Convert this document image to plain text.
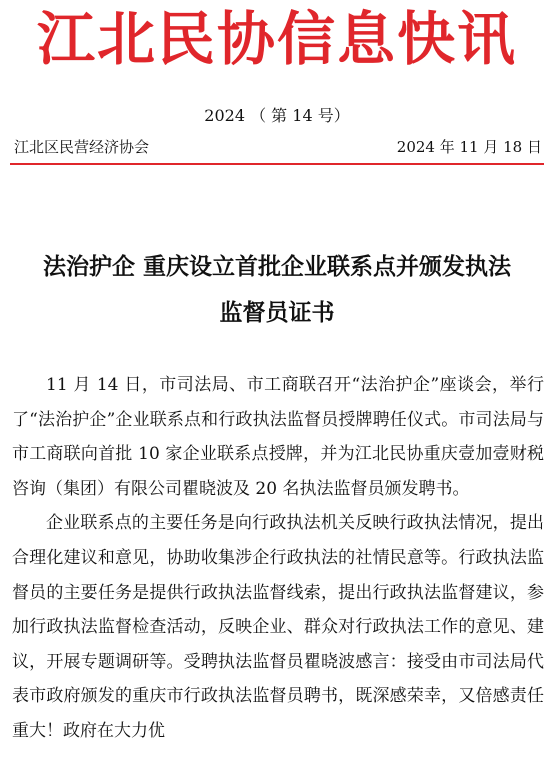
江北民协信息快讯
2024 （ 第 14 号）
江北区民营经济协会	2024 年 11 月 18 日
法治护企 重庆设立首批企业联系点并颁发执法
监督员证书

11 月 14 日，市司法局、市工商联召开“法治护企”座谈会，举行了“法治护企”企业联系点和行政执法监督员授牌聘任仪式。市司法局与市工商联向首批 10 家企业联系点授牌，并为江北民协重庆壹加壹财税咨询（集团）有限公司瞿晓波及 20 名执法监督员颁发聘书。

企业联系点的主要任务是向行政执法机关反映行政执法情况，提出合理化建议和意见，协助收集涉企行政执法的社情民意等。行政执法监督员的主要任务是提供行政执法监督线索，提出行政执法监督建议，参加行政执法监督检查活动，反映企业、群众对行政执法工作的意见、建议，开展专题调研等。受聘执法监督员瞿晓波感言：接受由市司法局代表市政府颁发的重庆市行政执法监督员聘书，既深感荣幸，又倍感责任重大！政府在大力优
